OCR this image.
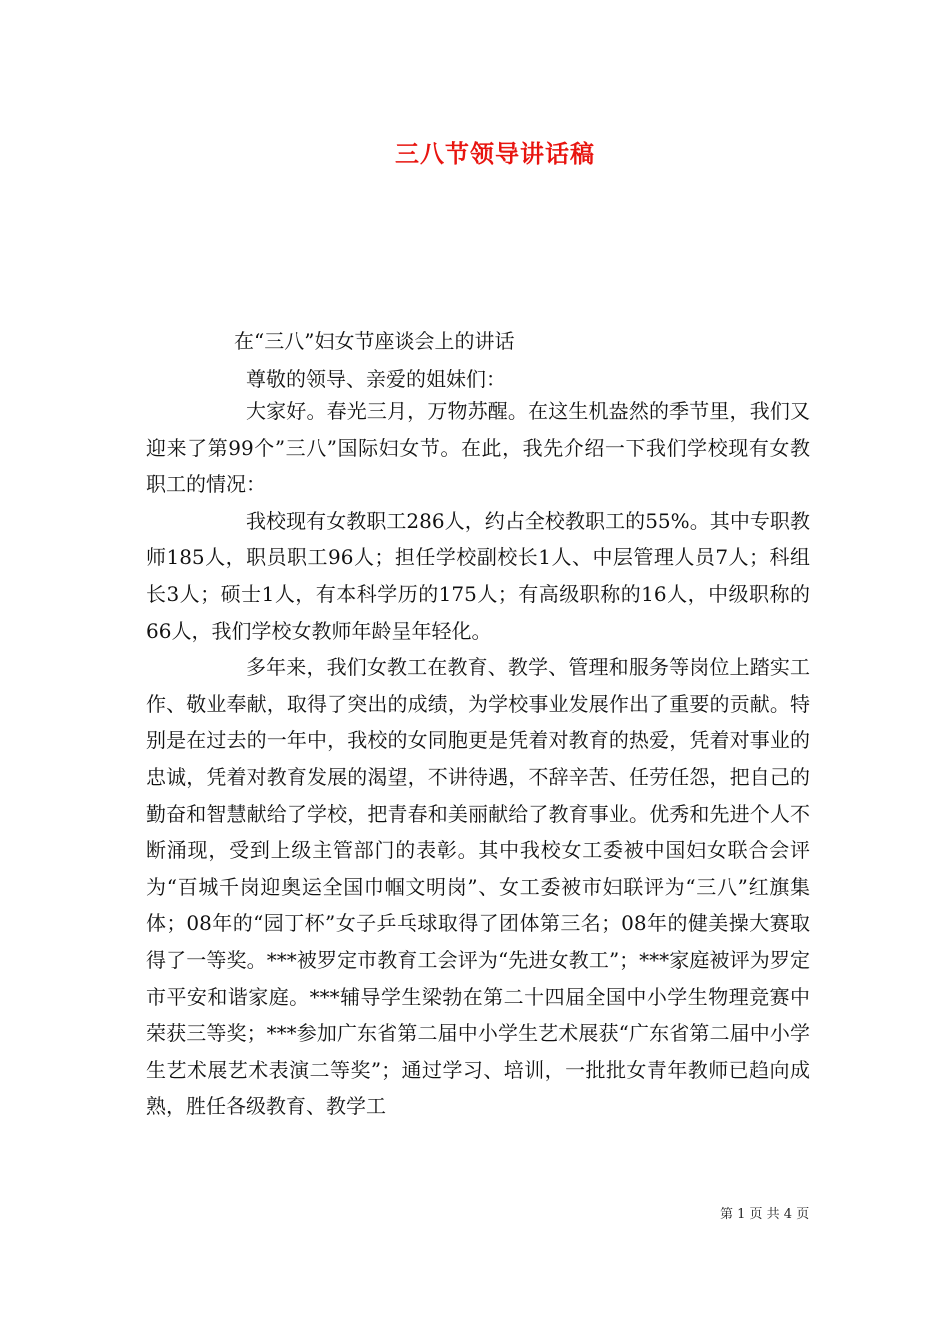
三八节领导讲话稿
在“三八”妇女节座谈会上的讲话
尊敬的领导、亲爱的姐妹们：

大家好。春光三月，万物苏醒。在这生机盎然的季节里，我们又迎来了第99个”三八”国际妇女节。在此，我先介绍一下我们学校现有女教职工的情况：

我校现有女教职工286人，约占全校教职工的55%。其中专职教师185人，职员职工96人；担任学校副校长1人、中层管理人员7人；科组长3人；硕士1人，有本科学历的175人；有高级职称的16人，中级职称的66人，我们学校女教师年龄呈年轻化。

多年来，我们女教工在教育、教学、管理和服务等岗位上踏实工作、敬业奉献，取得了突出的成绩，为学校事业发展作出了重要的贡献。特别是在过去的一年中，我校的女同胞更是凭着对教育的热爱，凭着对事业的忠诚，凭着对教育发展的渴望，不讲待遇，不辞辛苦、任劳任怨，把自己的勤奋和智慧献给了学校，把青春和美丽献给了教育事业。优秀和先进个人不断涌现，受到上级主管部门的表彰。其中我校女工委被中国妇女联合会评为“百城千岗迎奥运全国巾帼文明岗”、女工委被市妇联评为“三八”红旗集体；08年的“园丁杯”女子乒乓球取得了团体第三名；08年的健美操大赛取得了一等奖。***被罗定市教育工会评为“先进女教工”；***家庭被评为罗定市平安和谐家庭。***辅导学生梁勃在第二十四届全国中小学生物理竞赛中荣获三等奖；***参加广东省第二届中小学生艺术展获“广东省第二届中小学生艺术展艺术表演二等奖”；通过学习、培训，一批批女青年教师已趋向成熟，胜任各级教育、教学工

第 1 页 共 4 页
